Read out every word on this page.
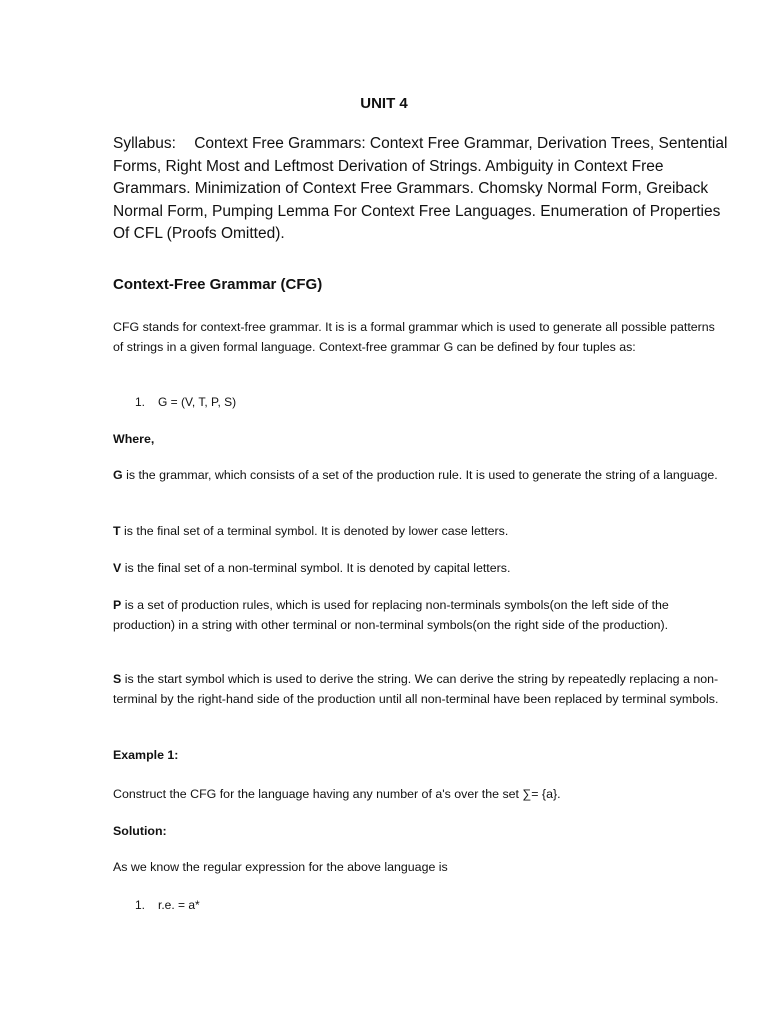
UNIT 4
Syllabus: Context Free Grammars: Context Free Grammar, Derivation Trees, Sentential Forms, Right Most and Leftmost Derivation of Strings. Ambiguity in Context Free Grammars. Minimization of Context Free Grammars. Chomsky Normal Form, Greiback Normal Form, Pumping Lemma For Context Free Languages. Enumeration of Properties Of CFL (Proofs Omitted).
Context-Free Grammar (CFG)
CFG stands for context-free grammar. It is is a formal grammar which is used to generate all possible patterns of strings in a given formal language. Context-free grammar G can be defined by four tuples as:
1. G = (V, T, P, S)
Where,
G is the grammar, which consists of a set of the production rule. It is used to generate the string of a language.
T is the final set of a terminal symbol. It is denoted by lower case letters.
V is the final set of a non-terminal symbol. It is denoted by capital letters.
P is a set of production rules, which is used for replacing non-terminals symbols(on the left side of the production) in a string with other terminal or non-terminal symbols(on the right side of the production).
S is the start symbol which is used to derive the string. We can derive the string by repeatedly replacing a non-terminal by the right-hand side of the production until all non-terminal have been replaced by terminal symbols.
Example 1:
Construct the CFG for the language having any number of a's over the set ∑= {a}.
Solution:
As we know the regular expression for the above language is
1. r.e. = a*
